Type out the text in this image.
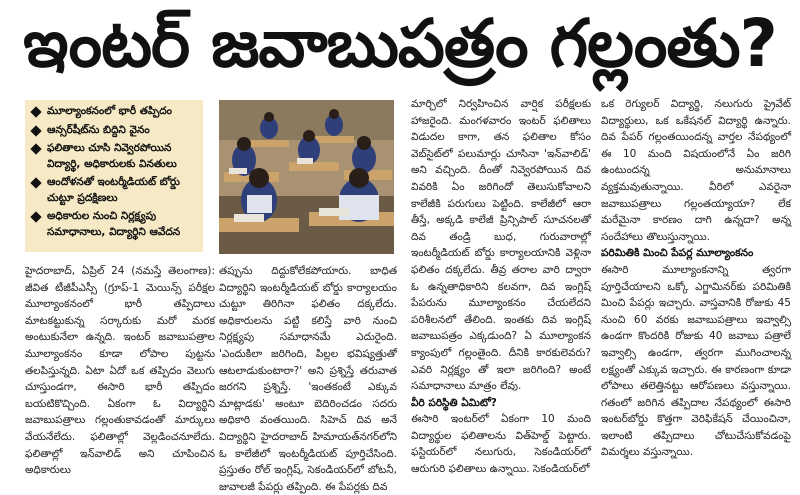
ఇంటర్ జవాబుపత్రం గల్లంతు?
మూల్యాంకనంలో భారీ తప్పిదం
ఆన్సర్‌షీట్‌ను బిద్దిని వైనం
ఫలితాలు చూసి నివ్వెరపోయిన విద్యార్థి, అధికారులకు వినతులు
ఆందోళనతో ఇంటర్మీడియట్ బోర్డు చుట్టూ ప్రదక్షిణలు
అధికారుల నుంచి నిర్లక్ష్యపు సమాధానాలు, విద్యార్థిని ఆవేదన

హైదరాబాద్, ఏప్రిల్ 24 (నమస్తే తెలంగాణ): జీవిత టీజీపీఎస్సీ (గ్రూప్-1 మెయిన్స్ పరీక్షల మూల్యాంకనంలో భారీ తప్పిదాలు మాటకట్టుకున్న సర్కారుకు మరో మరక అంటుకునేలా ఉన్నది. ఇంటర్ జవాబుపత్రాల మూల్యాంకనం కూడా లోపాల పుట్టను తలపిస్తున్నది. ఏటా ఏదో ఒక తప్పిదం వెలుగు చూస్తుండగా, ఈసారి భారీ తప్పిదం బయటికొచ్చింది. ఏకంగా ఓ విద్యార్థిని జవాబుపత్రాలు గల్లంతుకావడంతో మార్కులు వేయనేలేదు. ఫలితాల్లో వెల్లడించనూలేదు. ఫలితాల్లో ఇన్‌వాలిడ్ అని చూపించిన అధికారులు

తప్పును దిద్దుకోలేకపోయారు. బాధిత విద్యార్థిని ఇంటర్మీడియట్ బోర్డు కార్యాలయం చుట్టూ తిరిగినా ఫలితం దక్కలేదు. అధికారులను పట్టి కలిస్తే వారి నుంచి నిర్లక్ష్యపు సమాధానమే ఎదురైంది. 'ఎందుకిలా జరిగింది, పిల్లల భవిష్యత్తుతో ఆటలాడుకుంటారా?' అని ప్రశ్నిస్తే తరువాత జరగని ప్రశ్నిస్తే. 'ఇంతకంటే ఎక్కువ మాట్లాడకు' అంటూ బెదిరించడం సదరు అధికారి వంతయింది. సిహెచ్ దివ అనే విద్యార్థిని హైదరాబాద్ హిమాయత్‌నగర్‌లోని ఓ కాలేజీలో ఇంటర్మీడియట్ పూర్తిచేసింది. ప్రస్తుతం రోల్ ఇంగ్లిష్, సెకండియర్‌లో బోటనీ, జువాలజీ పేపర్లు తప్పింది. ఈ పేపర్లకు దివ

మార్చిలో నిర్వహించిన వార్షిక పరీక్షలకు హాజరైంది. మంగళవారం ఇంటర్ ఫలితాలు విడుదల కాగా, తన ఫలితాల కోసం వెబ్‌సైట్‌లో పలుమార్లు చూసినా 'ఇన్‌వాలిడ్' అని వచ్చింది. దీంతో నివ్వెరపోయిన దివ వివరికి ఏం జరిగిందో తెలుసుకోవాలని కాలేజీకి పరుగులు పెట్టింది. కాలేజీలో ఆరా తీస్తే, అక్కడి కాలేజీ ప్రిన్సిపాల్ సూచనలతో దివ తండ్రి బుధ, గురువారాల్లో ఇంటర్మీడియట్ బోర్డు కార్యాలయానికి వెళ్లినా ఫలితం దక్కలేదు. తీవ్ర తరాల వారి ద్వారా ఓ ఉన్నతాధికారిని కలవగా, దివ ఇంగ్లిష్ పేపరును మూల్యాంకనం చేయలేదని పరిశీలనలో తేలింది. ఇంతకు దివ ఇంగ్లిష్ జవాబుపత్రం ఎక్కడుంది? ఏ మూల్యాంకన క్యాంపులో గల్లంతైంది. దీనికి కారకులెవరు? ఎవరి నిర్లక్ష్యం తో ఇలా జరిగింది? అంటే సమాధానాలు మాత్రం లేవు.

వీరి పరిస్థితి ఏమిటో?

ఈసారి ఇంటర్‌లో ఏకంగా 10 మంది విద్యార్థుల ఫలితాలను విత్‌హెల్డ్ పెట్టారు. ఫస్టియర్‌లో నలుగురు, సెకండియర్‌లో ఆరుగురి ఫలితాలు ఉన్నాయి. సెకండియర్‌లో

ఒక రెగ్యులర్ విద్యార్థి, నలుగురు ప్రైవేట్ విద్యార్థులు, ఒక ఒకేషనల్ విద్యార్థి ఉన్నారు. దివ పేపర్ గల్లంతయిందన్న వార్తల నేపథ్యంలో ఈ 10 మంది విషయంలోనే ఏం జరిగి ఉంటుందన్న అనుమానాలు వ్యక్తమవుతున్నాయి. వీరిలో ఎవరైనా జవాబుపత్రాలు గల్లంతయ్యాయా? లేక మరేమైనా కారణం దాగి ఉన్నదా? అన్న సందేహాలు తొలుస్తున్నాయి.

పరిమితికి మించి పేపర్ల మూల్యాంకనం

ఈసారి మూల్యాంకనాన్ని త్వరగా పూర్తిచేయాలని ఒక్కో ఎగ్జామినర్‌కు పరిమితికి మించి పేపర్లు ఇచ్చారు. వాస్తవానికి రోజుకు 45 నుంచి 60 వరకు జవాబుపత్రాలు ఇవ్వాల్సి ఉండగా కొందరికి రోజుకు 40 జవాబు పత్రాలే ఇవ్వాల్సి ఉండగా, త్వరగా ముగించాలన్న లక్ష్యంతో ఎక్కువ ఇచ్చారు. ఈ కారణంగా కూడా లోపాలు తలెత్తినట్టు ఆరోపణలు వస్తున్నాయి. గతంలో జరిగిన తప్పిదాల నేపథ్యంలో ఈసారి ఇంటర్‌బోర్డు కొత్తగా వెరిఫికేషన్ చేయించినా, ఇలాంటి తప్పిదాలు చోటుచేసుకోవడంపై విమర్శలు వస్తున్నాయి.
